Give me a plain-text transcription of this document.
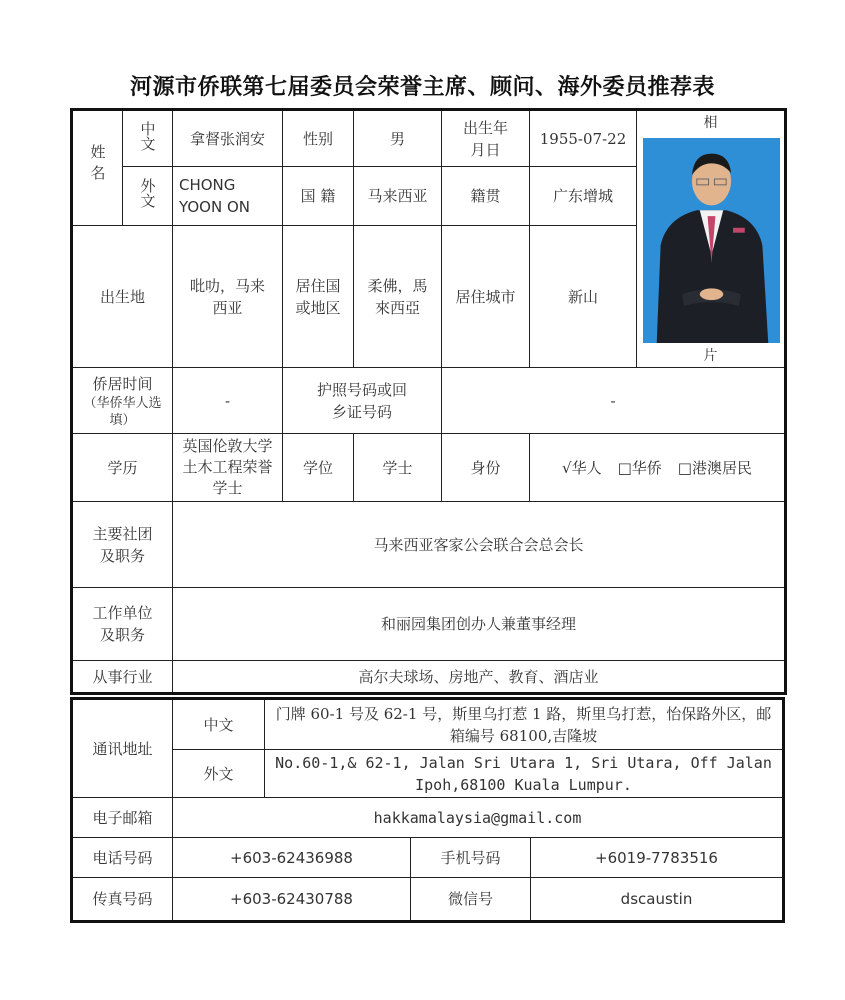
河源市侨联第七届委员会荣誉主席、顾问、海外委员推荐表
姓名	中文	拿督张润安	性别	男	出生年月日	1955-07-22	相
片

	外文	CHONG YOON ON	国 籍	马来西亚	籍贯	广东增城	
出生地		吡叻，马来西亚	居住国或地区	柔佛，馬來西亞	居住城市	新山	

侨居时间
（华侨华人选填）		-	护照号码或回乡证号码		-		
学历		英国伦敦大学土木工程荣誉学士	学位	学士	身份	√华人 □华侨 □港澳居民	

主要社团及职务		马来西亚客家公会联合会总会长					

工作单位及职务		和丽园集团创办人兼董事经理					
从事行业		高尔夫球场、房地产、教育、酒店业					
通讯地址	中文	门牌 60-1 号及 62-1 号，斯里乌打惹 1 路，斯里乌打惹，怡保路外区，邮箱编号 68100,吉隆坡		
	外文	No.60-1,& 62-1, Jalan Sri Utara 1, Sri Utara, Off Jalan Ipoh,68100 Kuala Lumpur.		
电子邮箱	hakkamalaysia@gmail.com			
电话号码	+603-62436988		手机号码	+6019-7783516
传真号码	+603-62430788		微信号	dscaustin
